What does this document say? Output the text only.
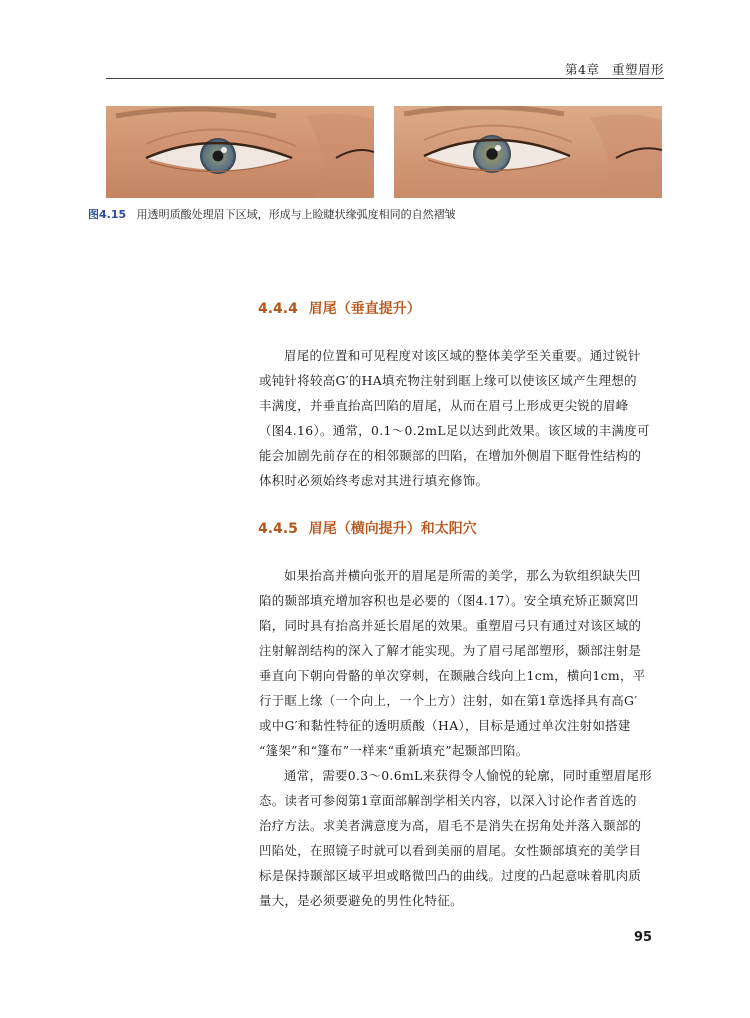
第4章 重塑眉形
图4.15 用透明质酸处理眉下区域，形成与上睑睫状缘弧度相同的自然褶皱
4.4.4 眉尾（垂直提升）

眉尾的位置和可见程度对该区域的整体美学至关重要。通过锐针
或钝针将较高G′的HA填充物注射到眶上缘可以使该区域产生理想的
丰满度，并垂直抬高凹陷的眉尾，从而在眉弓上形成更尖锐的眉峰
（图4.16）。通常，0.1～0.2mL足以达到此效果。该区域的丰满度可
能会加剧先前存在的相邻颞部的凹陷，在增加外侧眉下眶骨性结构的
体积时必须始终考虑对其进行填充修饰。

4.4.5 眉尾（横向提升）和太阳穴

如果抬高并横向张开的眉尾是所需的美学，那么为软组织缺失凹
陷的颞部填充增加容积也是必要的（图4.17）。安全填充矫正颞窝凹
陷，同时具有抬高并延长眉尾的效果。重塑眉弓只有通过对该区域的
注射解剖结构的深入了解才能实现。为了眉弓尾部塑形，颞部注射是
垂直向下朝向骨骼的单次穿刺，在颞融合线向上1cm，横向1cm，平
行于眶上缘（一个向上，一个上方）注射，如在第1章选择具有高G′
或中G′和黏性特征的透明质酸（HA），目标是通过单次注射如搭建
“篷架”和“篷布”一样来“重新填充”起颞部凹陷。

通常，需要0.3～0.6mL来获得令人愉悦的轮廓，同时重塑眉尾形
态。读者可参阅第1章面部解剖学相关内容，以深入讨论作者首选的
治疗方法。求美者满意度为高，眉毛不是消失在拐角处并落入颞部的
凹陷处，在照镜子时就可以看到美丽的眉尾。女性颞部填充的美学目
标是保持颞部区域平坦或略微凹凸的曲线。过度的凸起意味着肌肉质
量大，是必须要避免的男性化特征。

95
